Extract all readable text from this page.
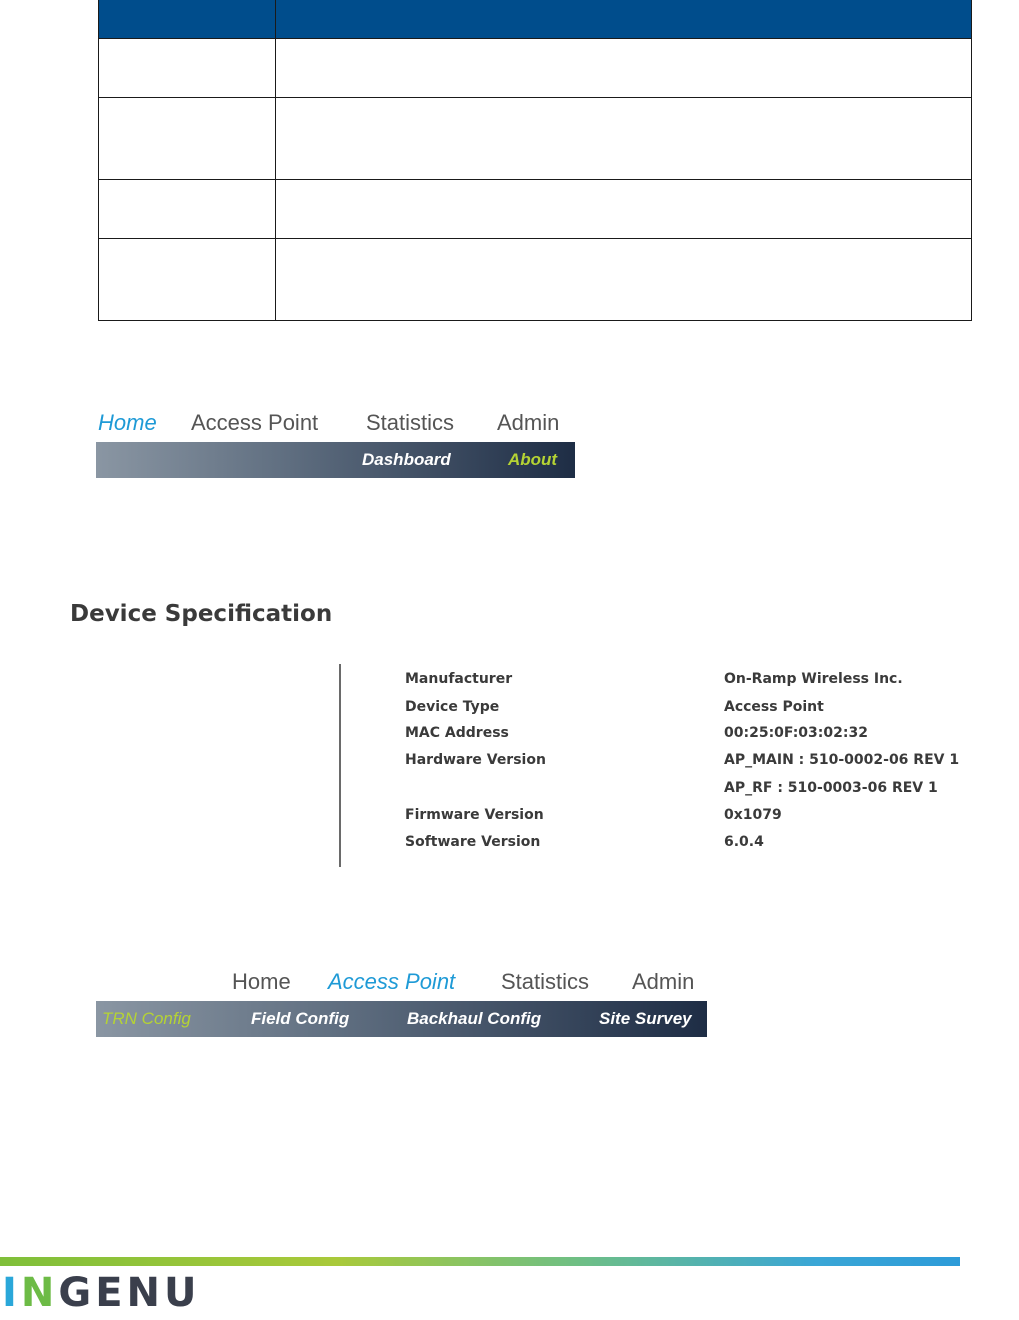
Home Access Point Statistics Admin
Dashboard	About
Device Specification
Manufacturer	On-Ramp Wireless Inc.
Device Type	Access Point
MAC Address	00:25:0F:03:02:32
Hardware Version	AP_MAIN : 510-0002-06 REV 1
AP_RF : 510-0003-06 REV 1
Firmware Version	0x1079
Software Version	6.0.4
Home Access Point Statistics Admin
TRN Config	Field Config	Backhaul Config	Site Survey
INGENU
